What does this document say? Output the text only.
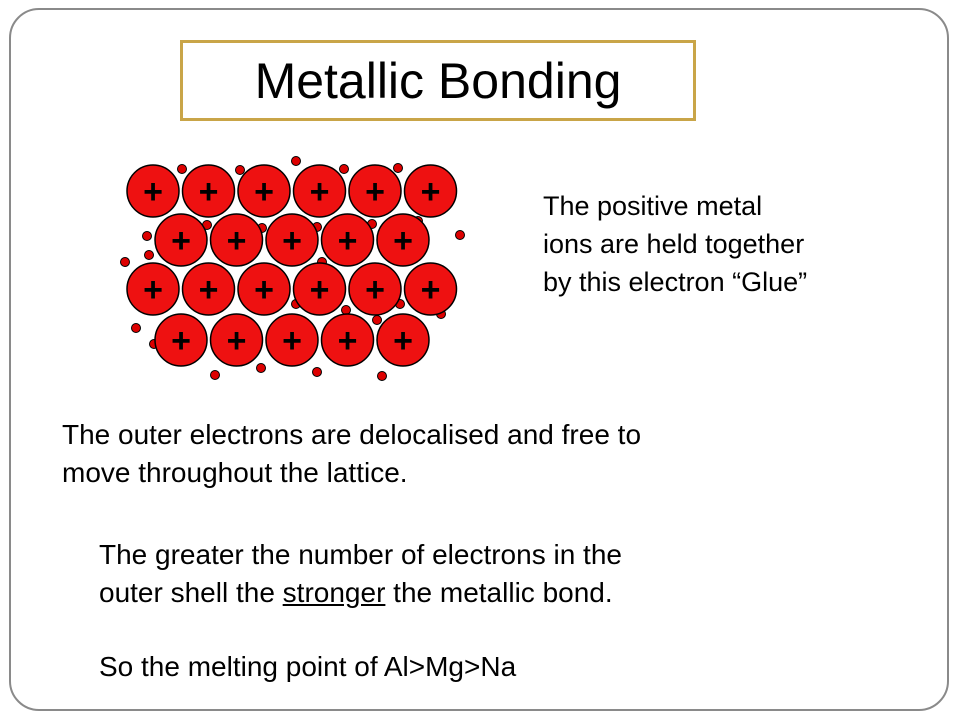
Metallic Bonding
+ + + + + +
+ + + + +
+ + + + + +
+ + + + +
The positive metal
ions are held together
by this electron “Glue”
The outer electrons are delocalised and free to
move throughout the lattice.
The greater the number of electrons in the
outer shell the stronger the metallic bond.
So the melting point of Al>Mg>Na
